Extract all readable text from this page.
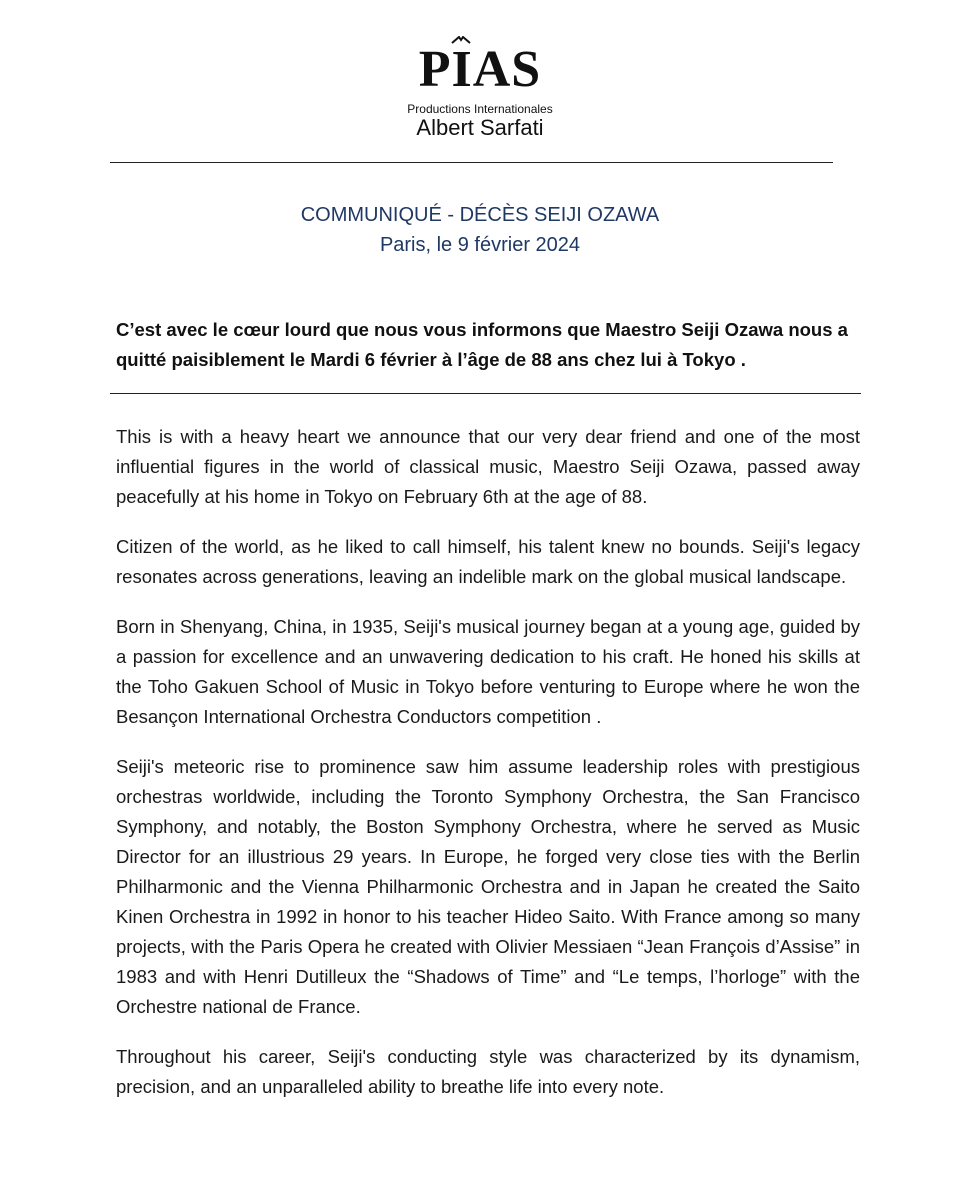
PIAS
Productions Internationales
Albert Sarfati
COMMUNIQUÉ - DÉCÈS SEIJI OZAWA
Paris, le 9 février 2024
C’est avec le cœur lourd que nous vous informons que Maestro Seiji Ozawa nous a quitté paisiblement le Mardi 6 février à l’âge de 88 ans chez lui à Tokyo .

This is with a heavy heart we announce that our very dear friend and one of the most influential figures in the world of classical music, Maestro Seiji Ozawa, passed away peacefully at his home in Tokyo on February 6th at the age of 88.

Citizen of the world, as he liked to call himself, his talent knew no bounds. Seiji's legacy resonates across generations, leaving an indelible mark on the global musical landscape.

Born in Shenyang, China, in 1935, Seiji's musical journey began at a young age, guided by a passion for excellence and an unwavering dedication to his craft. He honed his skills at the Toho Gakuen School of Music in Tokyo before venturing to Europe where he won the Besançon International Orchestra Conductors competition .

Seiji's meteoric rise to prominence saw him assume leadership roles with prestigious orchestras worldwide, including the Toronto Symphony Orchestra, the San Francisco Symphony, and notably, the Boston Symphony Orchestra, where he served as Music Director for an illustrious 29 years. In Europe, he forged very close ties with the Berlin Philharmonic and the Vienna Philharmonic Orchestra and in Japan he created the Saito Kinen Orchestra in 1992 in honor to his teacher Hideo Saito. With France among so many projects, with the Paris Opera he created with Olivier Messiaen “Jean François d’Assise” in 1983 and with Henri Dutilleux the “Shadows of Time” and “Le temps, l’horloge” with the Orchestre national de France.

Throughout his career, Seiji's conducting style was characterized by its dynamism, precision, and an unparalleled ability to breathe life into every note.
